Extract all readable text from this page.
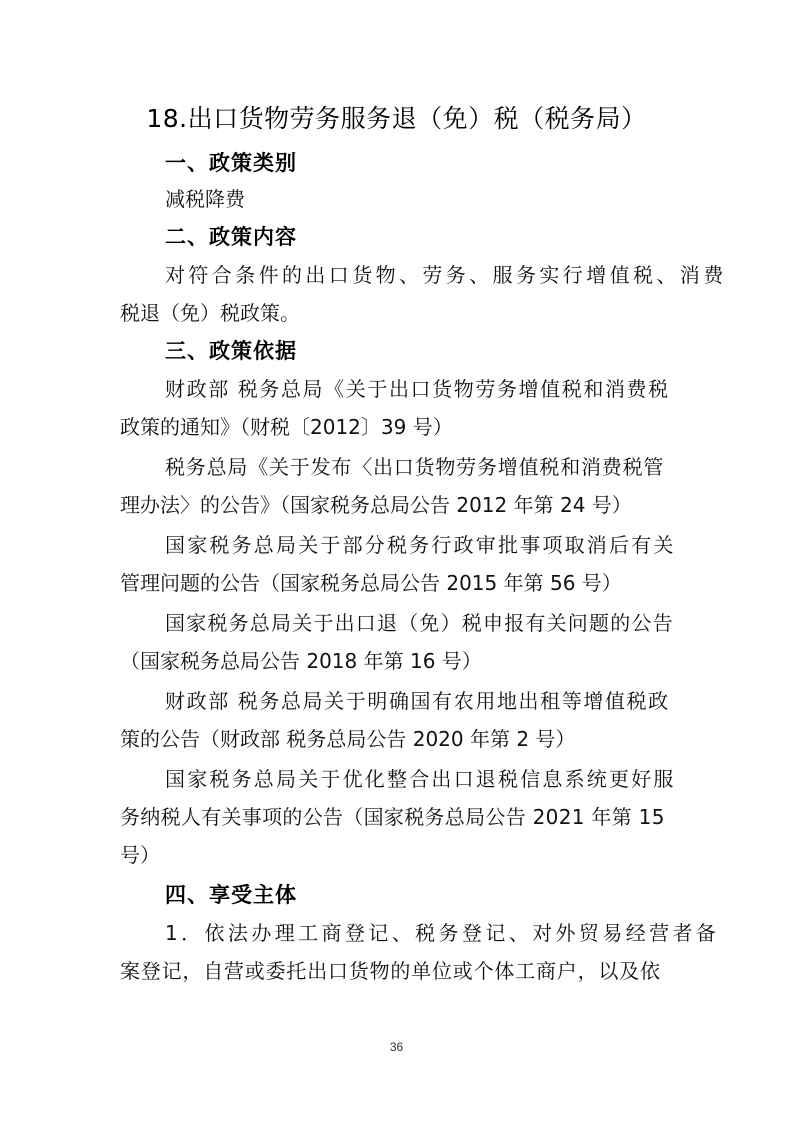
18.出口货物劳务服务退（免）税（税务局）
一、政策类别
减税降费
二、政策内容
对符合条件的出口货物、劳务、服务实行增值税、消费
税退（免）税政策。
三、政策依据
财政部 税务总局《关于出口货物劳务增值税和消费税
政策的通知》（财税〔2012〕39 号）
税务总局《关于发布〈出口货物劳务增值税和消费税管
理办法〉的公告》（国家税务总局公告 2012 年第 24 号）
国家税务总局关于部分税务行政审批事项取消后有关
管理问题的公告（国家税务总局公告 2015 年第 56 号）
国家税务总局关于出口退（免）税申报有关问题的公告
（国家税务总局公告 2018 年第 16 号）
财政部 税务总局关于明确国有农用地出租等增值税政
策的公告（财政部 税务总局公告 2020 年第 2 号）
国家税务总局关于优化整合出口退税信息系统更好服
务纳税人有关事项的公告（国家税务总局公告 2021 年第 15
号）
四、享受主体
1．依法办理工商登记、税务登记、对外贸易经营者备
案登记，自营或委托出口货物的单位或个体工商户，以及依
36
